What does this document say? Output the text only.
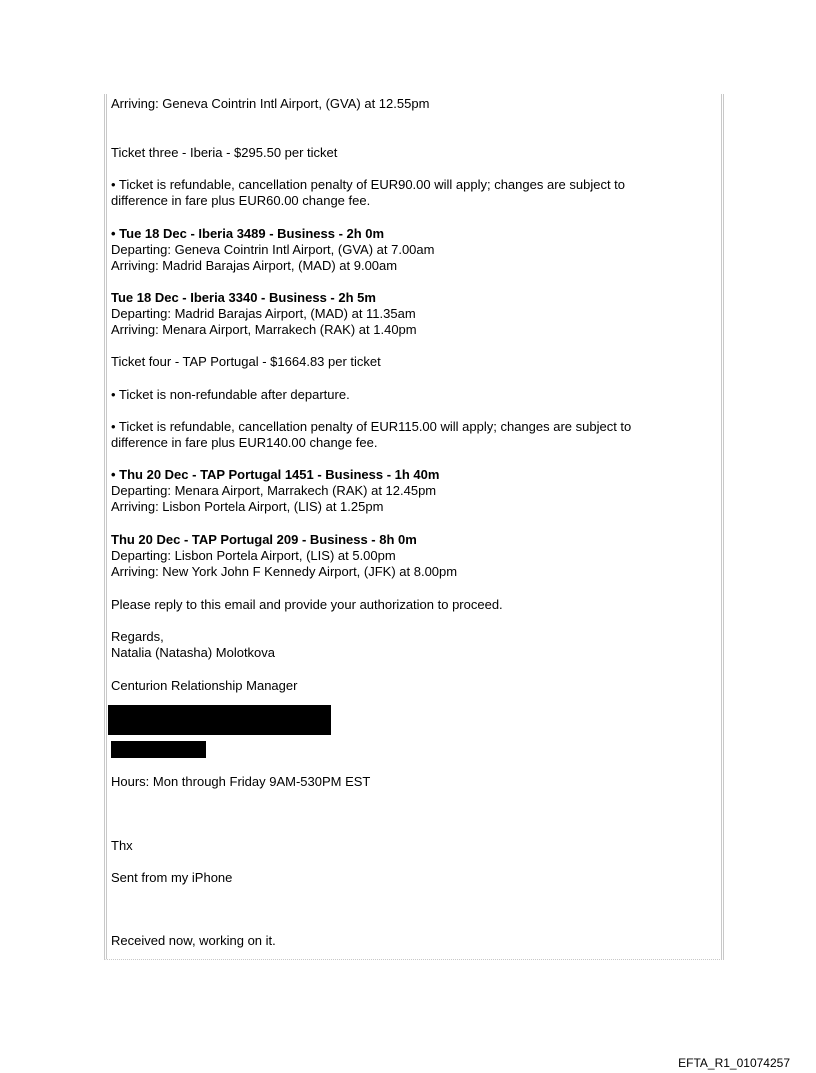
Arriving: Geneva Cointrin Intl Airport, (GVA) at 12.55pm
Ticket three - Iberia - $295.50 per ticket
• Ticket is refundable, cancellation penalty of EUR90.00 will apply; changes are subject to
difference in fare plus EUR60.00 change fee.
• Tue 18 Dec - Iberia 3489 - Business - 2h 0m
Departing: Geneva Cointrin Intl Airport, (GVA) at 7.00am
Arriving: Madrid Barajas Airport, (MAD) at 9.00am
Tue 18 Dec - Iberia 3340 - Business - 2h 5m
Departing: Madrid Barajas Airport, (MAD) at 11.35am
Arriving: Menara Airport, Marrakech (RAK) at 1.40pm
Ticket four - TAP Portugal - $1664.83 per ticket
• Ticket is non-refundable after departure.
• Ticket is refundable, cancellation penalty of EUR115.00 will apply; changes are subject to
difference in fare plus EUR140.00 change fee.
• Thu 20 Dec - TAP Portugal 1451 - Business - 1h 40m
Departing: Menara Airport, Marrakech (RAK) at 12.45pm
Arriving: Lisbon Portela Airport, (LIS) at 1.25pm
Thu 20 Dec - TAP Portugal 209 - Business - 8h 0m
Departing: Lisbon Portela Airport, (LIS) at 5.00pm
Arriving: New York John F Kennedy Airport, (JFK) at 8.00pm
Please reply to this email and provide your authorization to proceed.
Regards,
Natalia (Natasha) Molotkova
Centurion Relationship Manager
Hours: Mon through Friday 9AM-530PM EST
Thx
Sent from my iPhone
Received now, working on it.
EFTA_R1_01074257
